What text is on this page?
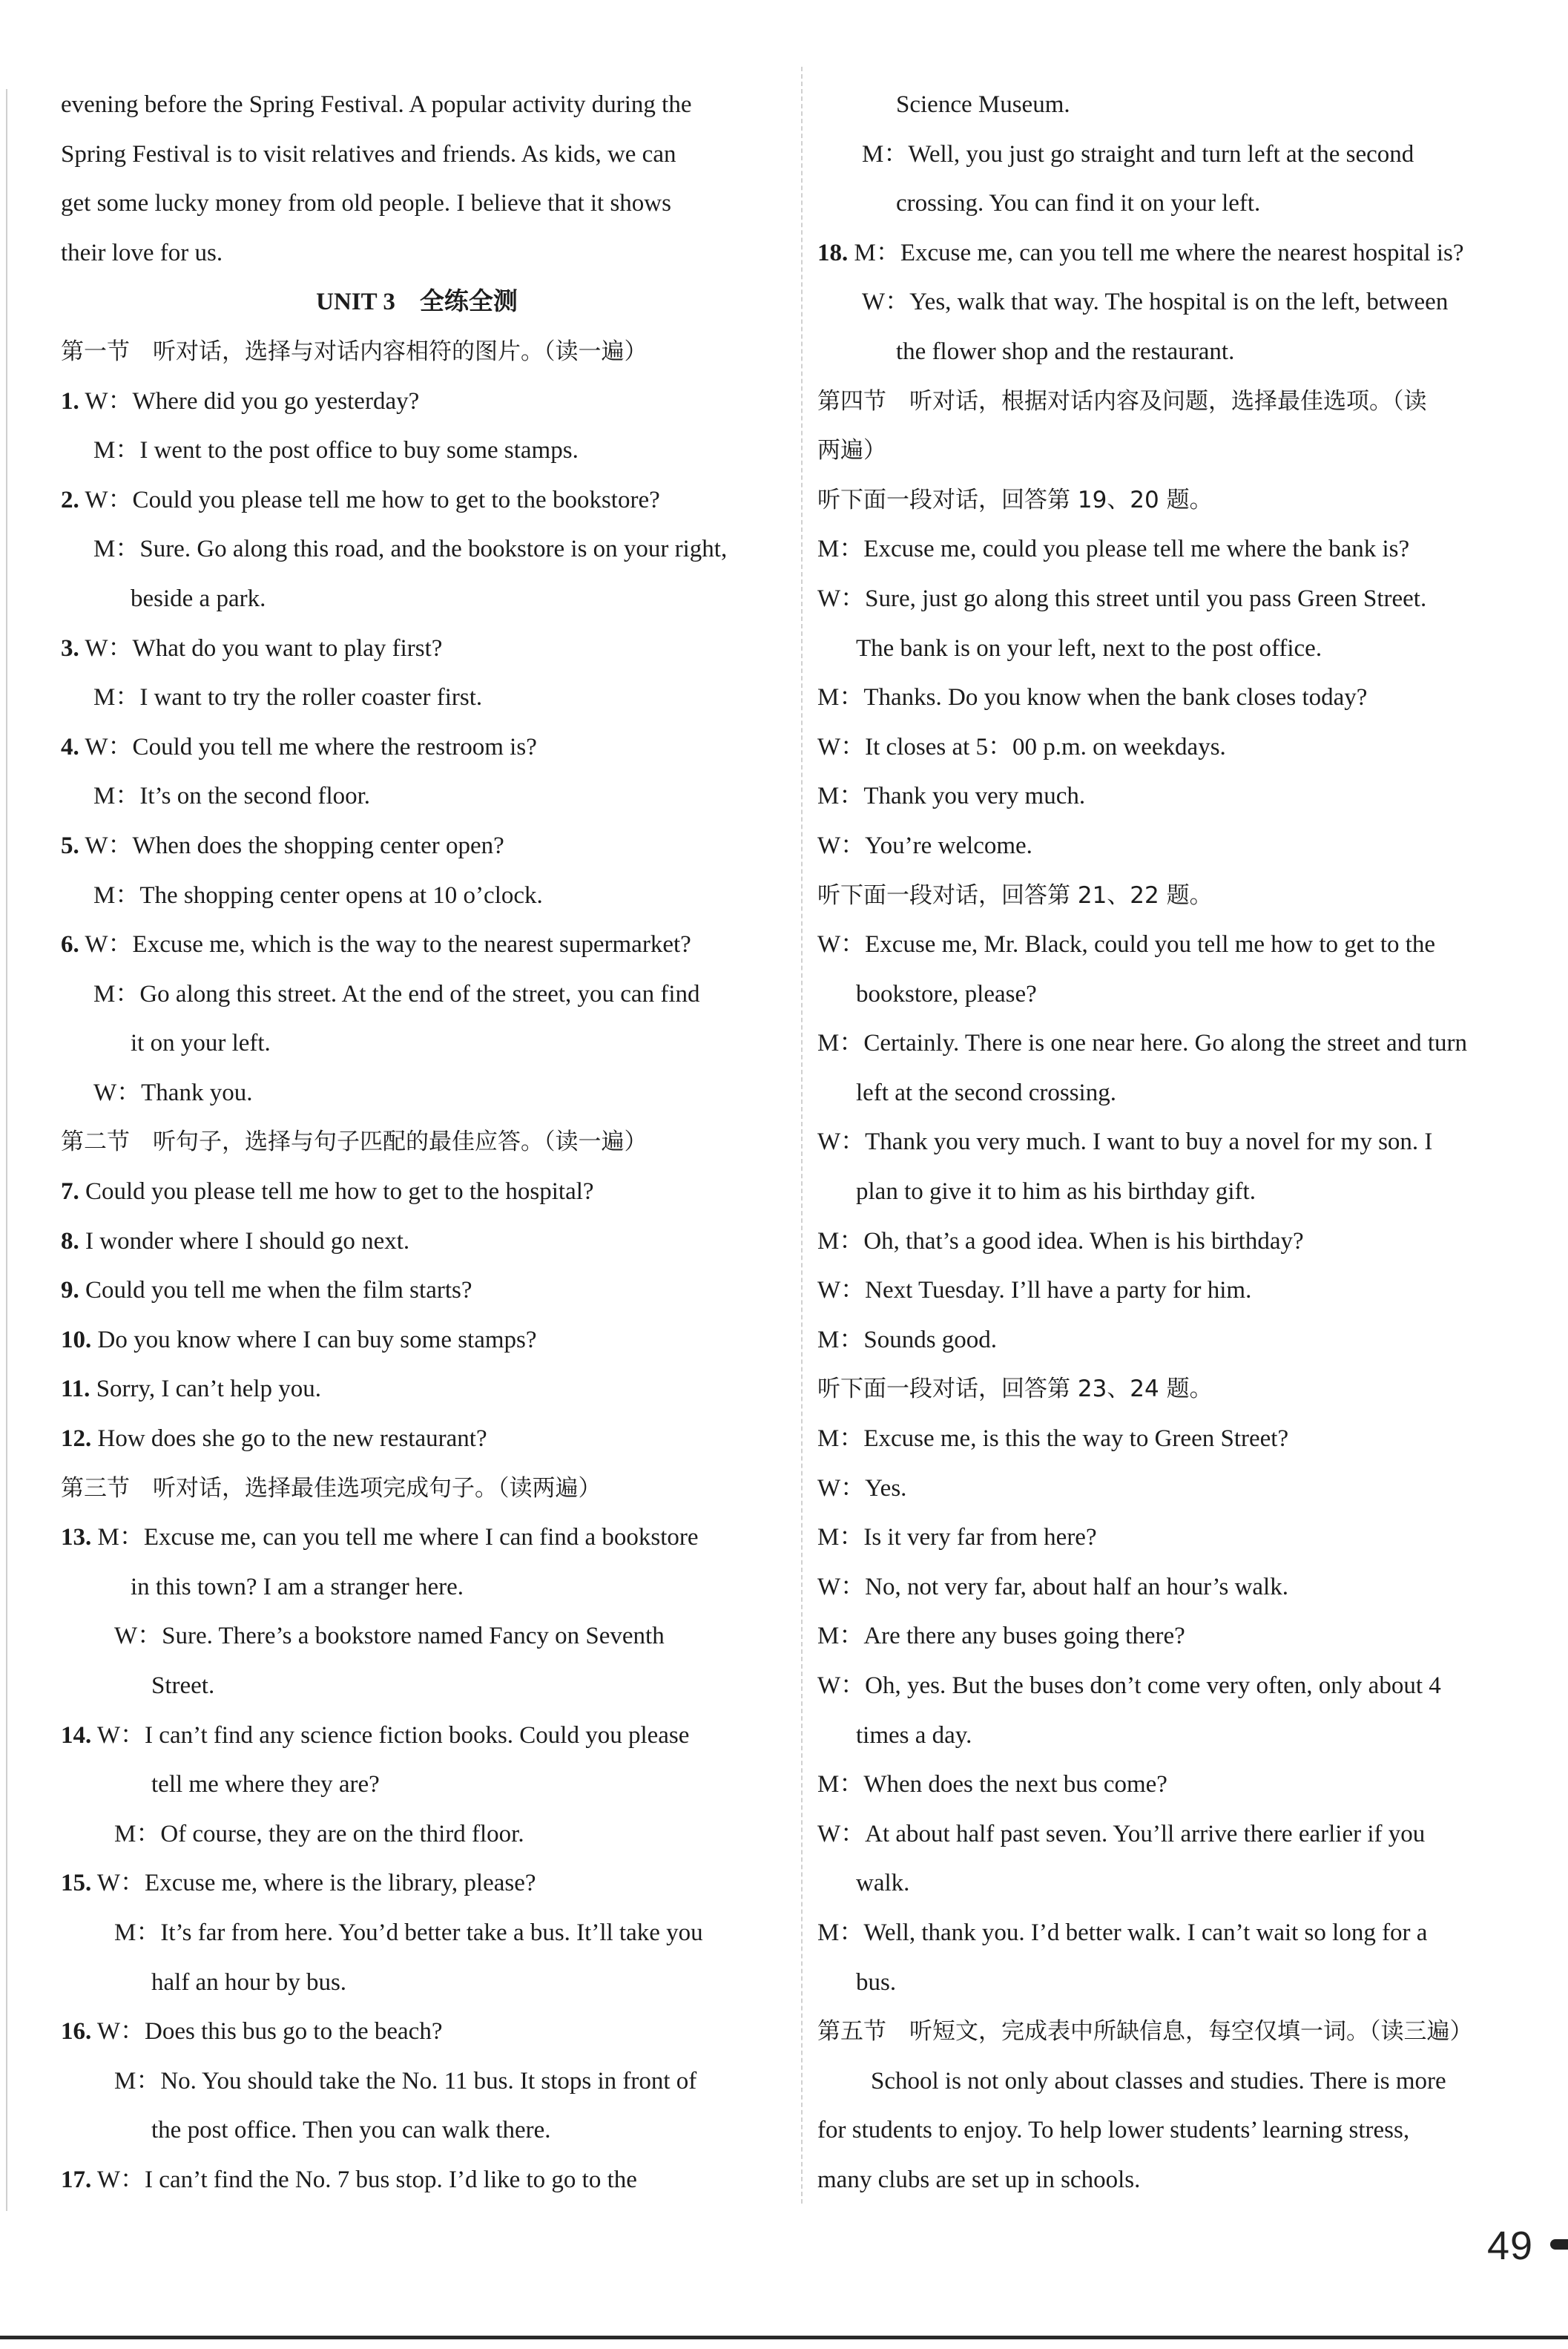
evening before the Spring Festival. A popular activity during the

Spring Festival is to visit relatives and friends. As kids, we can

get some lucky money from old people. I believe that it shows

their love for us.

UNIT 3　全练全测

第一节　听对话，选择与对话内容相符的图片。（读一遍）

1. W：Where did you go yesterday?

M：I went to the post office to buy some stamps.

2. W：Could you please tell me how to get to the bookstore?

M：Sure. Go along this road, and the bookstore is on your right,

beside a park.

3. W：What do you want to play first?

M：I want to try the roller coaster first.

4. W：Could you tell me where the restroom is?

M：It’s on the second floor.

5. W：When does the shopping center open?

M：The shopping center opens at 10 o’clock.

6. W：Excuse me, which is the way to the nearest supermarket?

M：Go along this street. At the end of the street, you can find

it on your left.

W：Thank you.

第二节　听句子，选择与句子匹配的最佳应答。（读一遍）

7. Could you please tell me how to get to the hospital?

8. I wonder where I should go next.

9. Could you tell me when the film starts?

10. Do you know where I can buy some stamps?

11. Sorry, I can’t help you.

12. How does she go to the new restaurant?

第三节　听对话，选择最佳选项完成句子。（读两遍）

13. M：Excuse me, can you tell me where I can find a bookstore

in this town? I am a stranger here.

W：Sure. There’s a bookstore named Fancy on Seventh

Street.

14. W：I can’t find any science fiction books. Could you please

tell me where they are?

M：Of course, they are on the third floor.

15. W：Excuse me, where is the library, please?

M：It’s far from here. You’d better take a bus. It’ll take you

half an hour by bus.

16. W：Does this bus go to the beach?

M：No. You should take the No. 11 bus. It stops in front of

the post office. Then you can walk there.

17. W：I can’t find the No. 7 bus stop. I’d like to go to the

Science Museum.

M：Well, you just go straight and turn left at the second

crossing. You can find it on your left.

18. M：Excuse me, can you tell me where the nearest hospital is?

W：Yes, walk that way. The hospital is on the left, between

the flower shop and the restaurant.

第四节　听对话，根据对话内容及问题，选择最佳选项。（读

两遍）

听下面一段对话，回答第 19、20 题。

M：Excuse me, could you please tell me where the bank is?

W：Sure, just go along this street until you pass Green Street.

The bank is on your left, next to the post office.

M：Thanks. Do you know when the bank closes today?

W：It closes at 5：00 p.m. on weekdays.

M：Thank you very much.

W：You’re welcome.

听下面一段对话，回答第 21、22 题。

W：Excuse me, Mr. Black, could you tell me how to get to the

bookstore, please?

M：Certainly. There is one near here. Go along the street and turn

left at the second crossing.

W：Thank you very much. I want to buy a novel for my son. I

plan to give it to him as his birthday gift.

M：Oh, that’s a good idea. When is his birthday?

W：Next Tuesday. I’ll have a party for him.

M：Sounds good.

听下面一段对话，回答第 23、24 题。

M：Excuse me, is this the way to Green Street?

W：Yes.

M：Is it very far from here?

W：No, not very far, about half an hour’s walk.

M：Are there any buses going there?

W：Oh, yes. But the buses don’t come very often, only about 4

times a day.

M：When does the next bus come?

W：At about half past seven. You’ll arrive there earlier if you

walk.

M：Well, thank you. I’d better walk. I can’t wait so long for a

bus.

第五节　听短文，完成表中所缺信息，每空仅填一词。（读三遍）

School is not only about classes and studies. There is more

for students to enjoy. To help lower students’ learning stress,

many clubs are set up in schools.

49
